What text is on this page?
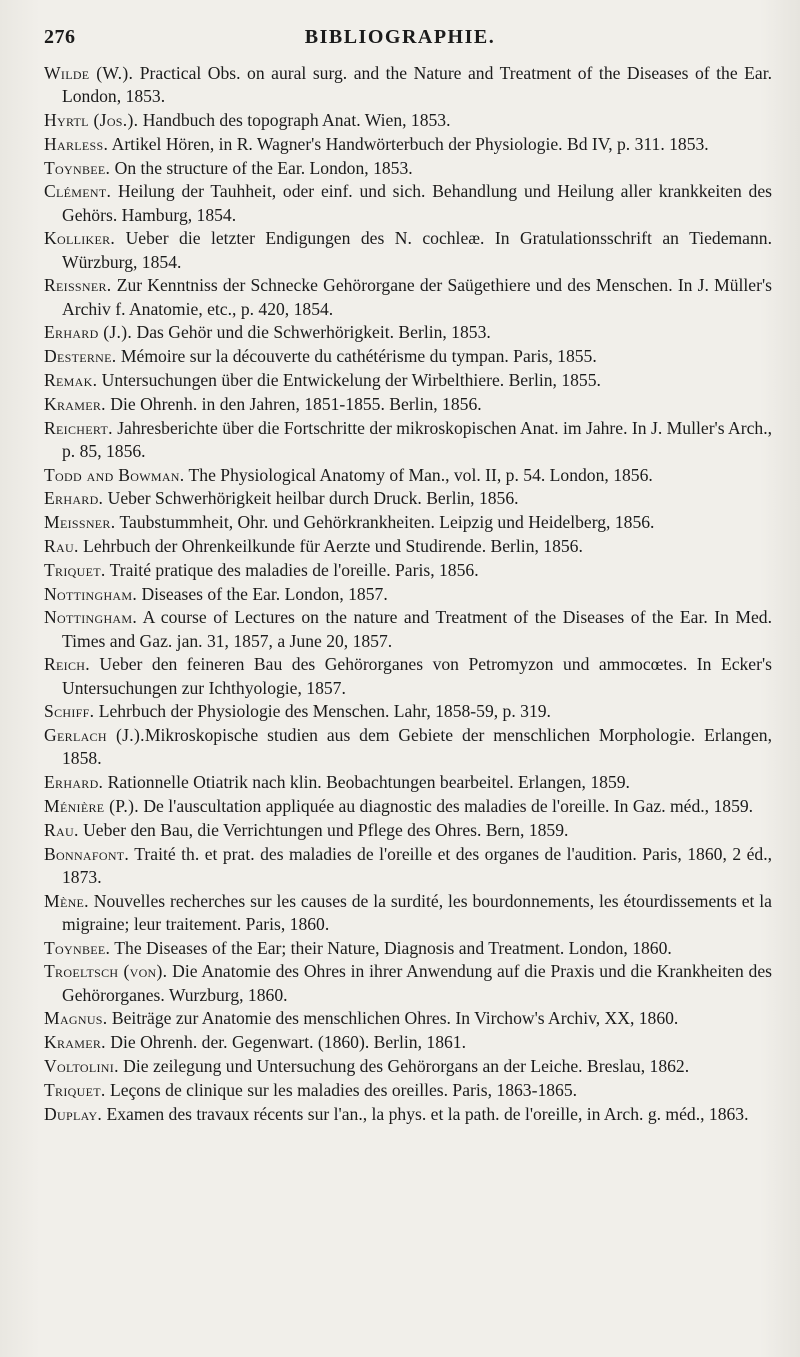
276	BIBLIOGRAPHIE.

Wilde (W.). Practical Obs. on aural surg. and the Nature and Treatment of the Diseases of the Ear. London, 1853.

Hyrtl (Jos.). Handbuch des topograph Anat. Wien, 1853.

Harless. Artikel Hören, in R. Wagner's Handwörterbuch der Physiologie. Bd IV, p. 311. 1853.

Toynbee. On the structure of the Ear. London, 1853.

Clément. Heilung der Tauhheit, oder einf. und sich. Behandlung und Heilung aller krankkeiten des Gehörs. Hamburg, 1854.

Kolliker. Ueber die letzter Endigungen des N. cochleæ. In Gratulationsschrift an Tiedemann. Würzburg, 1854.

Reissner. Zur Kenntniss der Schnecke Gehörorgane der Saügethiere und des Menschen. In J. Müller's Archiv f. Anatomie, etc., p. 420, 1854.

Erhard (J.). Das Gehör und die Schwerhörigkeit. Berlin, 1853.

Desterne. Mémoire sur la découverte du cathétérisme du tympan. Paris, 1855.

Remak. Untersuchungen über die Entwickelung der Wirbelthiere. Berlin, 1855.

Kramer. Die Ohrenh. in den Jahren, 1851-1855. Berlin, 1856.

Reichert. Jahresberichte über die Fortschritte der mikroskopischen Anat. im Jahre. In J. Muller's Arch., p. 85, 1856.

Todd and Bowman. The Physiological Anatomy of Man., vol. II, p. 54. London, 1856.

Erhard. Ueber Schwerhörigkeit heilbar durch Druck. Berlin, 1856.

Meissner. Taubstummheit, Ohr. und Gehörkrankheiten. Leipzig und Heidelberg, 1856.

Rau. Lehrbuch der Ohrenkeilkunde für Aerzte und Studirende. Berlin, 1856.

Triquet. Traité pratique des maladies de l'oreille. Paris, 1856.

Nottingham. Diseases of the Ear. London, 1857.

Nottingham. A course of Lectures on the nature and Treatment of the Diseases of the Ear. In Med. Times and Gaz. jan. 31, 1857, a June 20, 1857.

Reich. Ueber den feineren Bau des Gehörorganes von Petromyzon und ammocœtes. In Ecker's Untersuchungen zur Ichthyologie, 1857.

Schiff. Lehrbuch der Physiologie des Menschen. Lahr, 1858-59, p. 319.

Gerlach (J.).Mikroskopische studien aus dem Gebiete der menschlichen Morphologie. Erlangen, 1858.

Erhard. Rationnelle Otiatrik nach klin. Beobachtungen bearbeitel. Erlangen, 1859.

Ménière (P.). De l'auscultation appliquée au diagnostic des maladies de l'oreille. In Gaz. méd., 1859.

Rau. Ueber den Bau, die Verrichtungen und Pflege des Ohres. Bern, 1859.

Bonnafont. Traité th. et prat. des maladies de l'oreille et des organes de l'audition. Paris, 1860, 2 éd., 1873.

Mène. Nouvelles recherches sur les causes de la surdité, les bourdonnements, les étourdissements et la migraine; leur traitement. Paris, 1860.

Toynbee. The Diseases of the Ear; their Nature, Diagnosis and Treatment. London, 1860.

Troeltsch (von). Die Anatomie des Ohres in ihrer Anwendung auf die Praxis und die Krankheiten des Gehörorganes. Wurzburg, 1860.

Magnus. Beiträge zur Anatomie des menschlichen Ohres. In Virchow's Archiv, XX, 1860.

Kramer. Die Ohrenh. der. Gegenwart. (1860). Berlin, 1861.

Voltolini. Die zeilegung und Untersuchung des Gehörorgans an der Leiche. Breslau, 1862.

Triquet. Leçons de clinique sur les maladies des oreilles. Paris, 1863-1865.

Duplay. Examen des travaux récents sur l'an., la phys. et la path. de l'oreille, in Arch. g. méd., 1863.
